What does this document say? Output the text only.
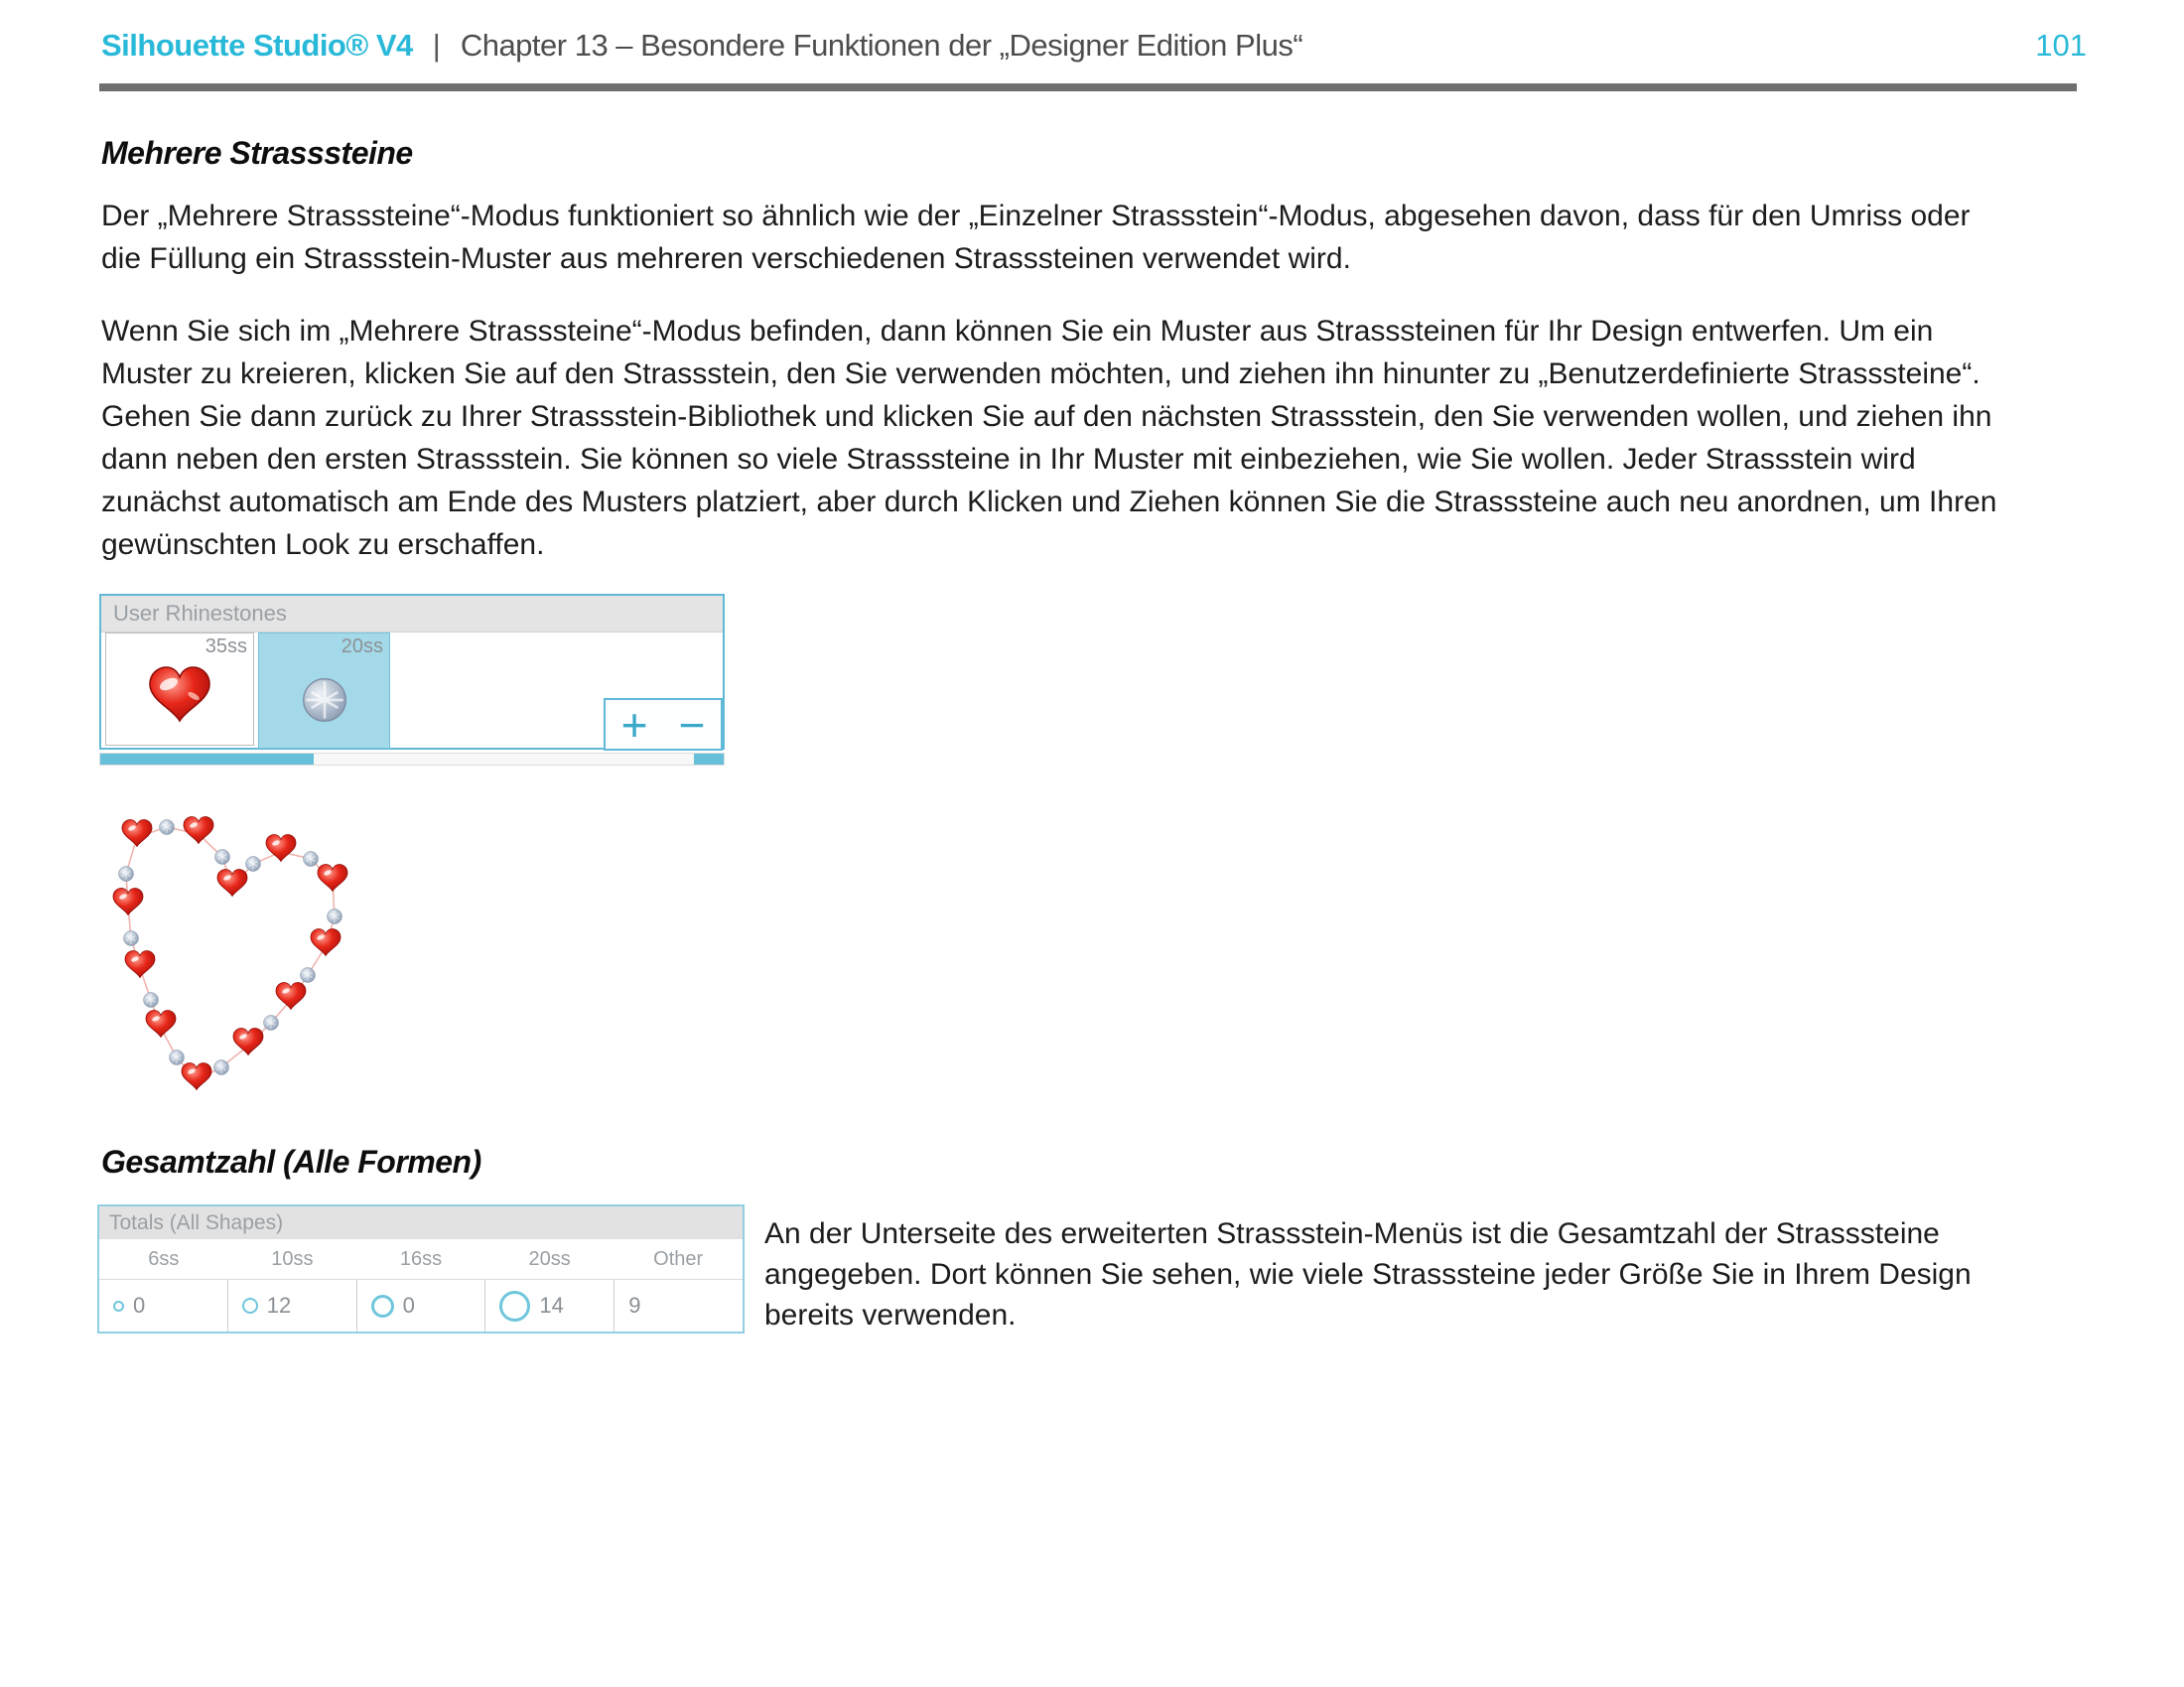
Silhouette Studio® V4 | Chapter 13 – Besondere Funktionen der „Designer Edition Plus“	101
Mehrere Strasssteine
Der „Mehrere Strasssteine“-Modus funktioniert so ähnlich wie der „Einzelner Strassstein“-Modus, abgesehen davon, dass für den Umriss oder die Füllung ein Strassstein-Muster aus mehreren verschiedenen Strasssteinen verwendet wird.
Wenn Sie sich im „Mehrere Strasssteine“-Modus befinden, dann können Sie ein Muster aus Strasssteinen für Ihr Design entwerfen. Um ein Muster zu kreieren, klicken Sie auf den Strassstein, den Sie verwenden möchten, und ziehen ihn hinunter zu „Benutzerdefinierte Strasssteine“. Gehen Sie dann zurück zu Ihrer Strassstein-Bibliothek und klicken Sie auf den nächsten Strassstein, den Sie verwenden wollen, und ziehen ihn dann neben den ersten Strassstein. Sie können so viele Strasssteine in Ihr Muster mit einbeziehen, wie Sie wollen. Jeder Strassstein wird zunächst automatisch am Ende des Musters platziert, aber durch Klicken und Ziehen können Sie die Strasssteine auch neu anordnen, um Ihren gewünschten Look zu erschaffen.
User Rhinestones
35ss	20ss
+ −
Gesamtzahl (Alle Formen)
Totals (All Shapes)
6ss	10ss	16ss	20ss	Other
0	12	0	14	9
An der Unterseite des erweiterten Strassstein-Menüs ist die Gesamtzahl der Strasssteine angegeben. Dort können Sie sehen, wie viele Strasssteine jeder Größe Sie in Ihrem Design bereits verwenden.
